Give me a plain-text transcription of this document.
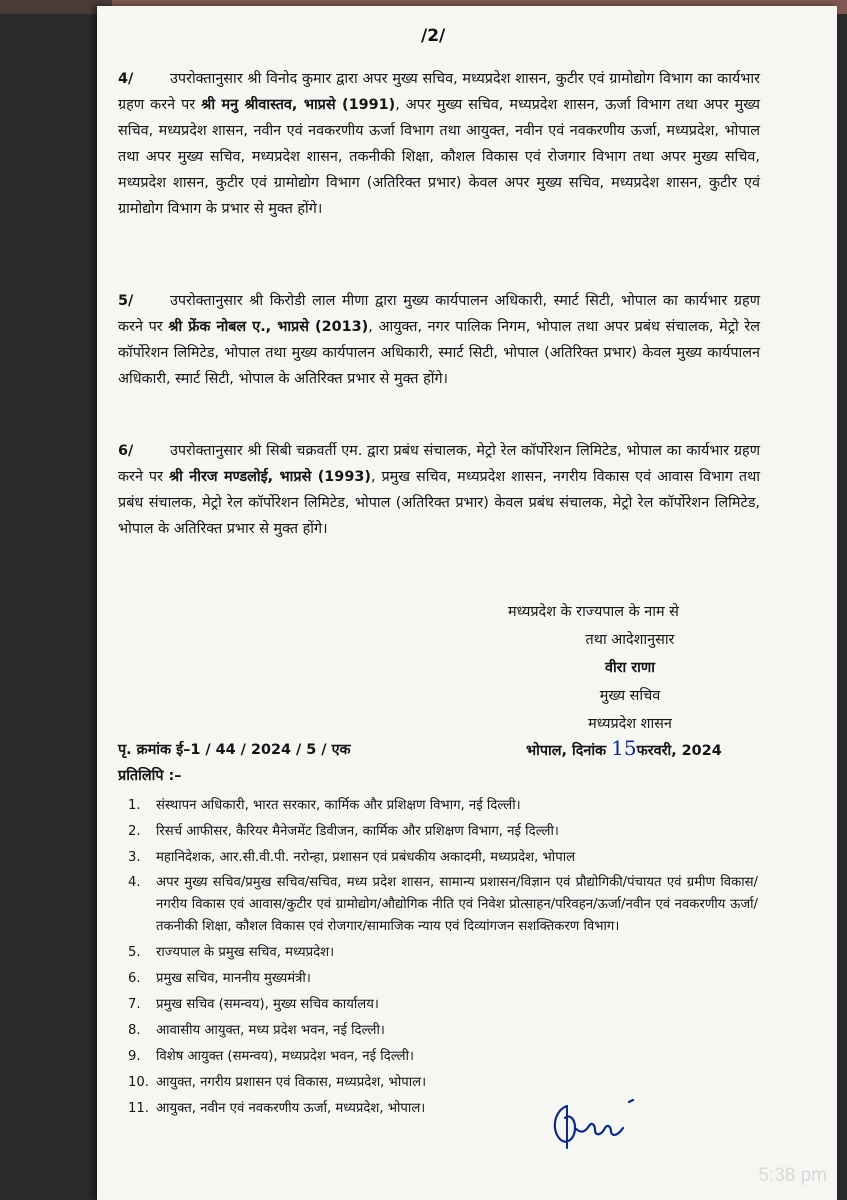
/2/

4/	उपरोक्तानुसार श्री विनोद कुमार द्वारा अपर मुख्य सचिव, मध्यप्रदेश शासन, कुटीर एवं ग्रामोद्योग विभाग का कार्यभार ग्रहण करने पर श्री मनु श्रीवास्तव, भाप्रसे (1991), अपर मुख्य सचिव, मध्यप्रदेश शासन, ऊर्जा विभाग तथा अपर मुख्य सचिव, मध्यप्रदेश शासन, नवीन एवं नवकरणीय ऊर्जा विभाग तथा आयुक्त, नवीन एवं नवकरणीय ऊर्जा, मध्यप्रदेश, भोपाल तथा अपर मुख्य सचिव, मध्यप्रदेश शासन, तकनीकी शिक्षा, कौशल विकास एवं रोजगार विभाग तथा अपर मुख्य सचिव, मध्यप्रदेश शासन, कुटीर एवं ग्रामोद्योग विभाग (अतिरिक्त प्रभार) केवल अपर मुख्य सचिव, मध्यप्रदेश शासन, कुटीर एवं ग्रामोद्योग विभाग के प्रभार से मुक्त होंगे।

5/	उपरोक्तानुसार श्री किरोडी लाल मीणा द्वारा मुख्य कार्यपालन अधिकारी, स्मार्ट सिटी, भोपाल का कार्यभार ग्रहण करने पर श्री फ्रेंक नोबल ए., भाप्रसे (2013), आयुक्त, नगर पालिक निगम, भोपाल तथा अपर प्रबंध संचालक, मेट्रो रेल कॉर्पोरेशन लिमिटेड, भोपाल तथा मुख्य कार्यपालन अधिकारी, स्मार्ट सिटी, भोपाल (अतिरिक्त प्रभार) केवल मुख्य कार्यपालन अधिकारी, स्मार्ट सिटी, भोपाल के अतिरिक्त प्रभार से मुक्त होंगे।

6/	उपरोक्तानुसार श्री सिबी चक्रवर्ती एम. द्वारा प्रबंध संचालक, मेट्रो रेल कॉर्पोरेशन लिमिटेड, भोपाल का कार्यभार ग्रहण करने पर श्री नीरज मण्डलोई, भाप्रसे (1993), प्रमुख सचिव, मध्यप्रदेश शासन, नगरीय विकास एवं आवास विभाग तथा प्रबंध संचालक, मेट्रो रेल कॉर्पोरेशन लिमिटेड, भोपाल (अतिरिक्त प्रभार) केवल प्रबंध संचालक, मेट्रो रेल कॉर्पोरेशन लिमिटेड, भोपाल के अतिरिक्त प्रभार से मुक्त होंगे।

मध्यप्रदेश के राज्यपाल के नाम से
तथा आदेशानुसार
वीरा राणा
मुख्य सचिव
मध्यप्रदेश शासन
पृ. क्रमांक ई–1 / 44 / 2024 / 5 / एक	भोपाल, दिनांक 15फरवरी, 2024
प्रतिलिपि :–
1. संस्थापन अधिकारी, भारत सरकार, कार्मिक और प्रशिक्षण विभाग, नई दिल्ली।
2. रिसर्च आफीसर, कैरियर मैनेजमेंट डिवीजन, कार्मिक और प्रशिक्षण विभाग, नई दिल्ली।
3. महानिदेशक, आर.सी.वी.पी. नरोन्हा, प्रशासन एवं प्रबंधकीय अकादमी, मध्यप्रदेश, भोपाल
4. अपर मुख्य सचिव/प्रमुख सचिव/सचिव, मध्य प्रदेश शासन, सामान्य प्रशासन/विज्ञान एवं प्रौद्योगिकी/पंचायत एवं ग्रमीण विकास/नगरीय विकास एवं आवास/कुटीर एवं ग्रामोद्योग/औद्योगिक नीति एवं निवेश प्रोत्साहन/परिवहन/ऊर्जा/नवीन एवं नवकरणीय ऊर्जा/तकनीकी शिक्षा, कौशल विकास एवं रोजगार/सामाजिक न्याय एवं दिव्यांगजन सशक्तिकरण विभाग।
5. राज्यपाल के प्रमुख सचिव, मध्यप्रदेश।
6. प्रमुख सचिव, माननीय मुख्यमंत्री।
7. प्रमुख सचिव (समन्वय), मुख्य सचिव कार्यालय।
8. आवासीय आयुक्त, मध्य प्रदेश भवन, नई दिल्ली।
9. विशेष आयुक्त (समन्वय), मध्यप्रदेश भवन, नई दिल्ली।
10. आयुक्त, नगरीय प्रशासन एवं विकास, मध्यप्रदेश, भोपाल।
11. आयुक्त, नवीन एवं नवकरणीय ऊर्जा, मध्यप्रदेश, भोपाल।
5:38 pm
